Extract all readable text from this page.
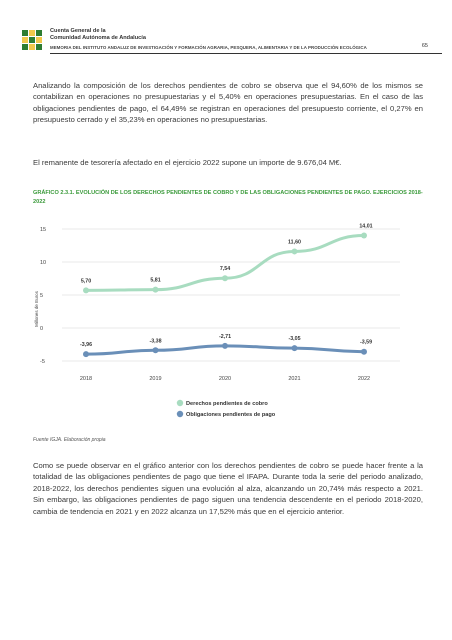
Cuenta General de la
Comunidad Autónoma de Andalucía
MEMORIA DEL INSTITUTO ANDALUZ DE INVESTIGACIÓN Y FORMACIÓN AGRARIA, PESQUERA, ALIMENTARIA Y DE LA PRODUCCIÓN ECOLÓGICA	65

Analizando la composición de los derechos pendientes de cobro se observa que el 94,60% de los mismos se contabilizan en operaciones no presupuestarias y el 5,40% en operaciones presupuestarias. En el caso de las obligaciones pendientes de pago, el 64,49% se registran en operaciones del presupuesto corriente, el 0,27% en presupuesto cerrado y el 35,23% en operaciones no presupuestarias.

El remanente de tesorería afectado en el ejercicio 2022 supone un importe de 9.676,04 M€.

GRÁFICO 2.3.1. EVOLUCIÓN DE LOS DERECHOS PENDIENTES DE COBRO Y DE LAS OBLIGACIONES PENDIENTES DE PAGO. EJERCICIOS 2018-2022
-5
0
5
10
15
Millones de Euros
2018	2019	2020	2021	2022
5,70	5,81
7,54
11,60
14,01
-3,96
-3,38
-2,71	-3,05
-3,59
Derechos pendientes de cobro
Obligaciones pendientes de pago
Fuente IGJA. Elaboración propia

Como se puede observar en el gráfico anterior con los derechos pendientes de cobro se puede hacer frente a la totalidad de las obligaciones pendientes de pago que tiene el IFAPA. Durante toda la serie del periodo analizado, 2018-2022, los derechos pendientes siguen una evolución al alza, alcanzando un 20,74% más respecto a 2021. Sin embargo, las obligaciones pendientes de pago siguen una tendencia descendente en el periodo 2018-2020, cambia de tendencia en 2021 y en 2022 alcanza un 17,52% más que en el ejercicio anterior.
